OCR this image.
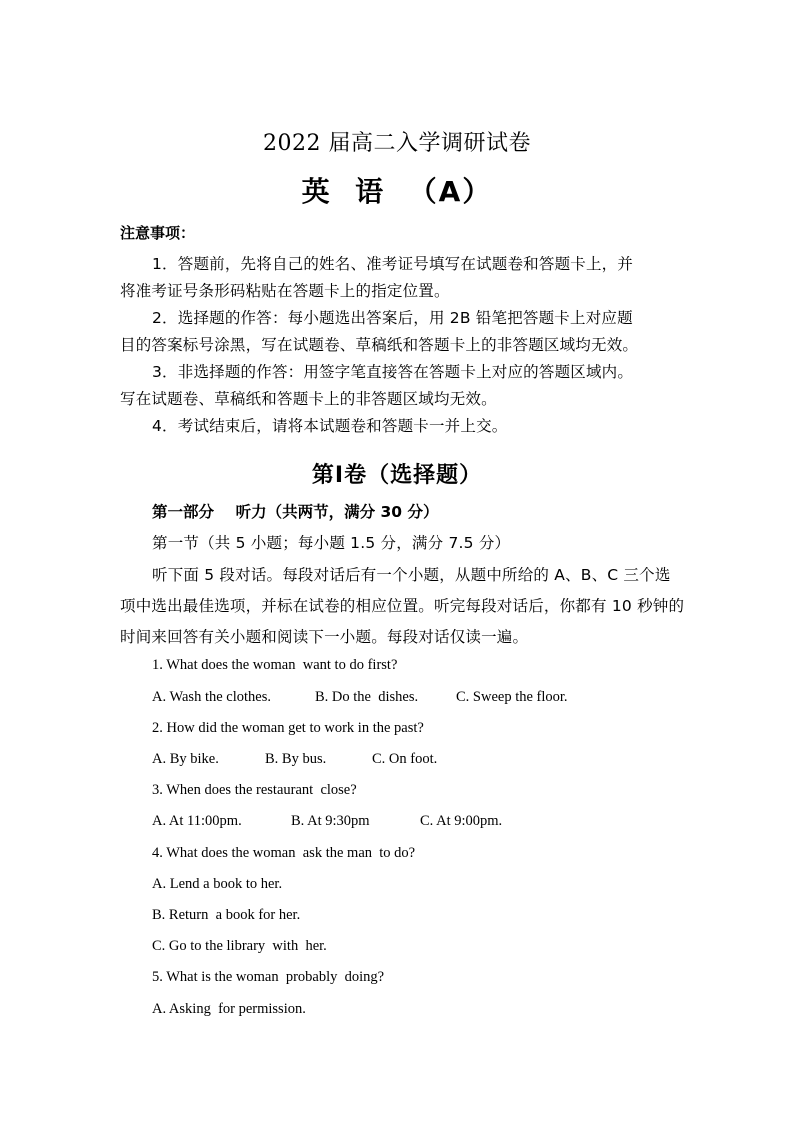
2022 届高二入学调研试卷
英  语  （A）
注意事项：
1．答题前，先将自己的姓名、准考证号填写在试题卷和答题卡上，并
将准考证号条形码粘贴在答题卡上的指定位置。
2．选择题的作答：每小题选出答案后，用 2B 铅笔把答题卡上对应题
目的答案标号涂黑，写在试题卷、草稿纸和答题卡上的非答题区域均无效。
3．非选择题的作答：用签字笔直接答在答题卡上对应的答题区域内。
写在试题卷、草稿纸和答题卡上的非答题区域均无效。
4．考试结束后，请将本试题卷和答题卡一并上交。
第Ⅰ卷（选择题）
第一部分    听力（共两节，满分 30 分）
第一节（共 5 小题；每小题 1.5 分，满分 7.5 分）
听下面 5 段对话。每段对话后有一个小题，从题中所给的 A、B、C 三个选
项中选出最佳选项，并标在试卷的相应位置。听完每段对话后，你都有 10 秒钟的
时间来回答有关小题和阅读下一小题。每段对话仅读一遍。
1. What does the woman  want to do first?
A. Wash the clothes.	B. Do the  dishes.	C. Sweep the floor.
2. How did the woman get to work in the past?
A. By bike.	B. By bus.	C. On foot.
3. When does the restaurant  close?
A. At 11:00pm.	B. At 9:30pm	C. At 9:00pm.
4. What does the woman  ask the man  to do?
A. Lend a book to her.
B. Return  a book for her.
C. Go to the library  with  her.
5. What is the woman  probably  doing?
A. Asking  for permission.
